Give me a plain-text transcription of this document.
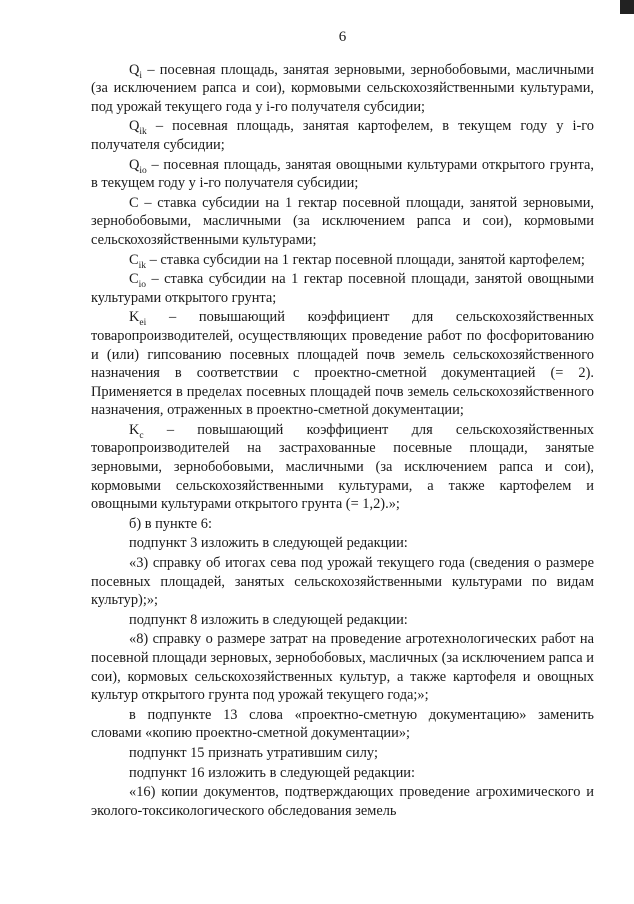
6

$Q_i$ – посевная площадь, занятая зерновыми, зернобобовыми, масличными (за исключением рапса и сои), кормовыми сельскохозяйственными культурами, под урожай текущего года у i-го получателя субсидии;

$Q_{ik}$ – посевная площадь, занятая картофелем, в текущем году у i-го получателя субсидии;

$Q_{io}$ – посевная площадь, занятая овощными культурами открытого грунта, в текущем году у i-го получателя субсидии;

C – ставка субсидии на 1 гектар посевной площади, занятой зерновыми, зернобобовыми, масличными (за исключением рапса и сои), кормовыми сельскохозяйственными культурами;

$C_{ik}$ – ставка субсидии на 1 гектар посевной площади, занятой картофелем;

$C_{io}$ – ставка субсидии на 1 гектар посевной площади, занятой овощными культурами открытого грунта;

$K_{ei}$ – повышающий коэффициент для сельскохозяйственных товаропроизводителей, осуществляющих проведение работ по фосфоритованию и (или) гипсованию посевных площадей почв земель сельскохозяйственного назначения в соответствии с проектно-сметной документацией (= 2). Применяется в пределах посевных площадей почв земель сельскохозяйственного назначения, отраженных в проектно-сметной документации;

$K_c$ – повышающий коэффициент для сельскохозяйственных товаропроизводителей на застрахованные посевные площади, занятые зерновыми, зернобобовыми, масличными (за исключением рапса и сои), кормовыми сельскохозяйственными культурами, а также картофелем и овощными культурами открытого грунта (= 1,2).»;

б) в пункте 6:

подпункт 3 изложить в следующей редакции:

«3) справку об итогах сева под урожай текущего года (сведения о размере посевных площадей, занятых сельскохозяйственными культурами по видам культур);»;

подпункт 8 изложить в следующей редакции:

«8) справку о размере затрат на проведение агротехнологических работ на посевной площади зерновых, зернобобовых, масличных (за исключением рапса и сои), кормовых сельскохозяйственных культур, а также картофеля и овощных культур открытого грунта под урожай текущего года;»;

в подпункте 13 слова «проектно-сметную документацию» заменить словами «копию проектно-сметной документации»;

подпункт 15 признать утратившим силу;

подпункт 16 изложить в следующей редакции:

«16) копии документов, подтверждающих проведение агрохимического и эколого-токсикологического обследования земель
